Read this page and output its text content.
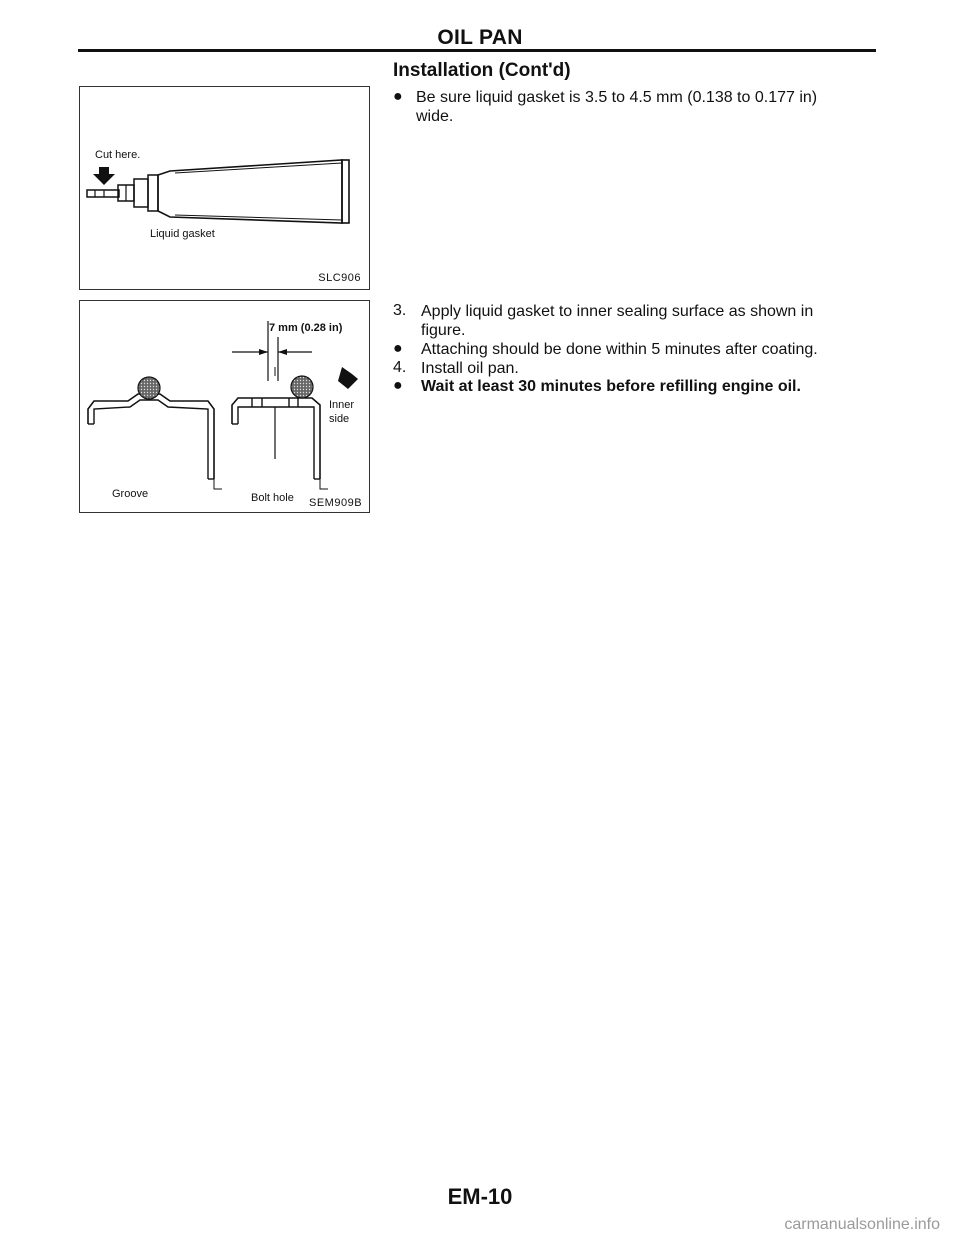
OIL PAN
Installation (Cont'd)
Cut here.
Liquid gasket
SLC906
7 mm (0.28 in)
Inner
side
Groove	Bolt hole SEM909B
● Be sure liquid gasket is 3.5 to 4.5 mm (0.138 to 0.177 in)
wide.
3. Apply liquid gasket to inner sealing surface as shown in
figure.
● Attaching should be done within 5 minutes after coating.
4. Install oil pan.
● Wait at least 30 minutes before refilling engine oil.
EM-10
carmanualsonline.info
